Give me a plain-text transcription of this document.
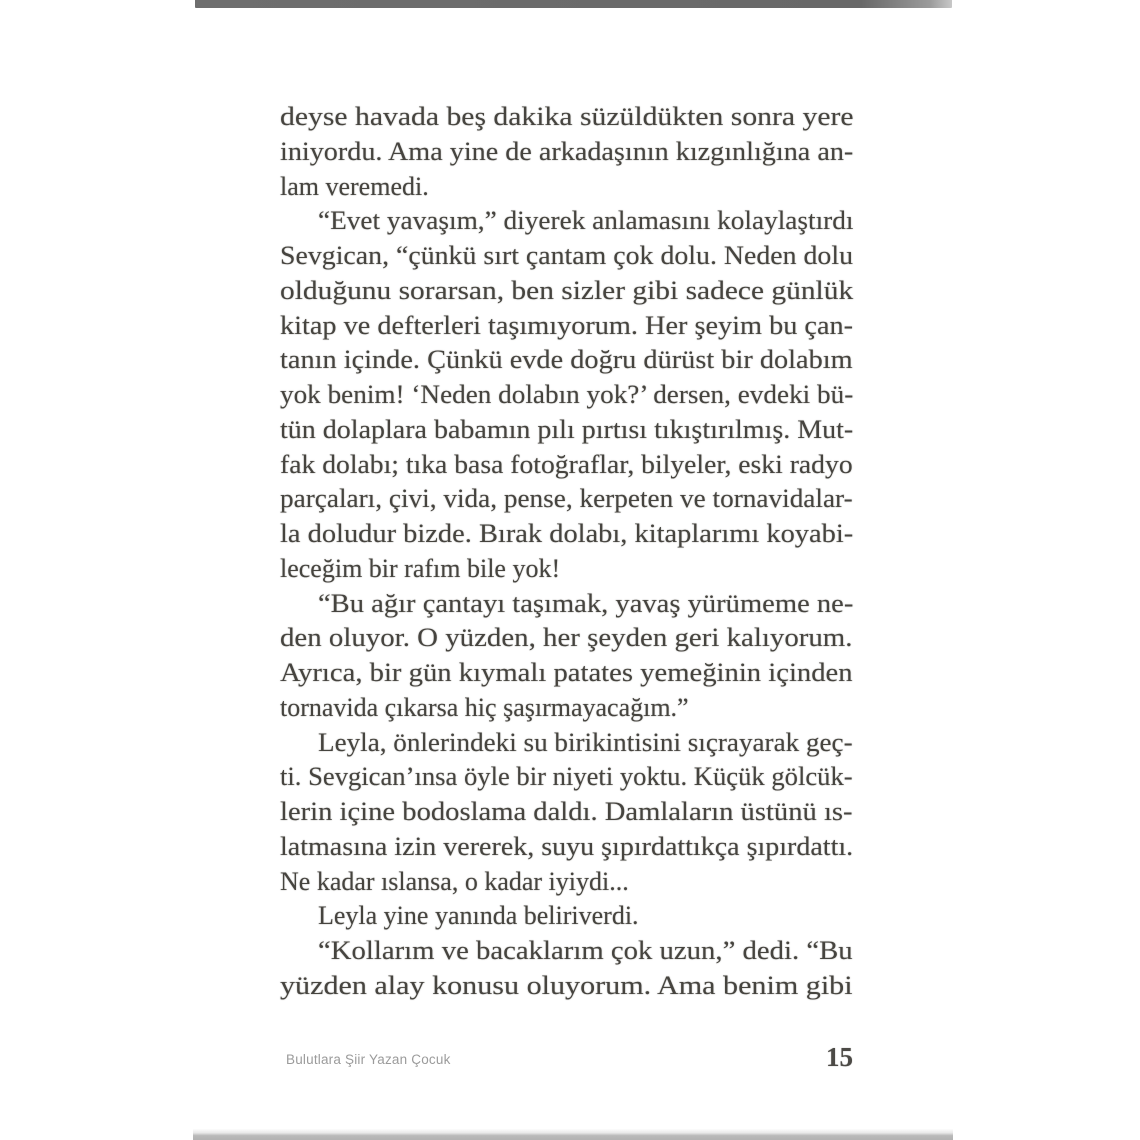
deyse havada beş dakika süzüldükten sonra yere
iniyordu. Ama yine de arkadaşının kızgınlığına an-
lam veremedi.
“Evet yavaşım,” diyerek anlamasını kolaylaştırdı
Sevgican, “çünkü sırt çantam çok dolu. Neden dolu
olduğunu sorarsan, ben sizler gibi sadece günlük
kitap ve defterleri taşımıyorum. Her şeyim bu çan-
tanın içinde. Çünkü evde doğru dürüst bir dolabım
yok benim! ‘Neden dolabın yok?’ dersen, evdeki bü-
tün dolaplara babamın pılı pırtısı tıkıştırılmış. Mut-
fak dolabı; tıka basa fotoğraflar, bilyeler, eski radyo
parçaları, çivi, vida, pense, kerpeten ve tornavidalar-
la doludur bizde. Bırak dolabı, kitaplarımı koyabi-
leceğim bir rafım bile yok!
“Bu ağır çantayı taşımak, yavaş yürümeme ne-
den oluyor. O yüzden, her şeyden geri kalıyorum.
Ayrıca, bir gün kıymalı patates yemeğinin içinden
tornavida çıkarsa hiç şaşırmayacağım.”
Leyla, önlerindeki su birikintisini sıçrayarak geç-
ti. Sevgican’ınsa öyle bir niyeti yoktu. Küçük gölcük-
lerin içine bodoslama daldı. Damlaların üstünü ıs-
latmasına izin vererek, suyu şıpırdattıkça şıpırdattı.
Ne kadar ıslansa, o kadar iyiydi...
Leyla yine yanında beliriverdi.
“Kollarım ve bacaklarım çok uzun,” dedi. “Bu
yüzden alay konusu oluyorum. Ama benim gibi
Bulutlara Şiir Yazan Çocuk	15
